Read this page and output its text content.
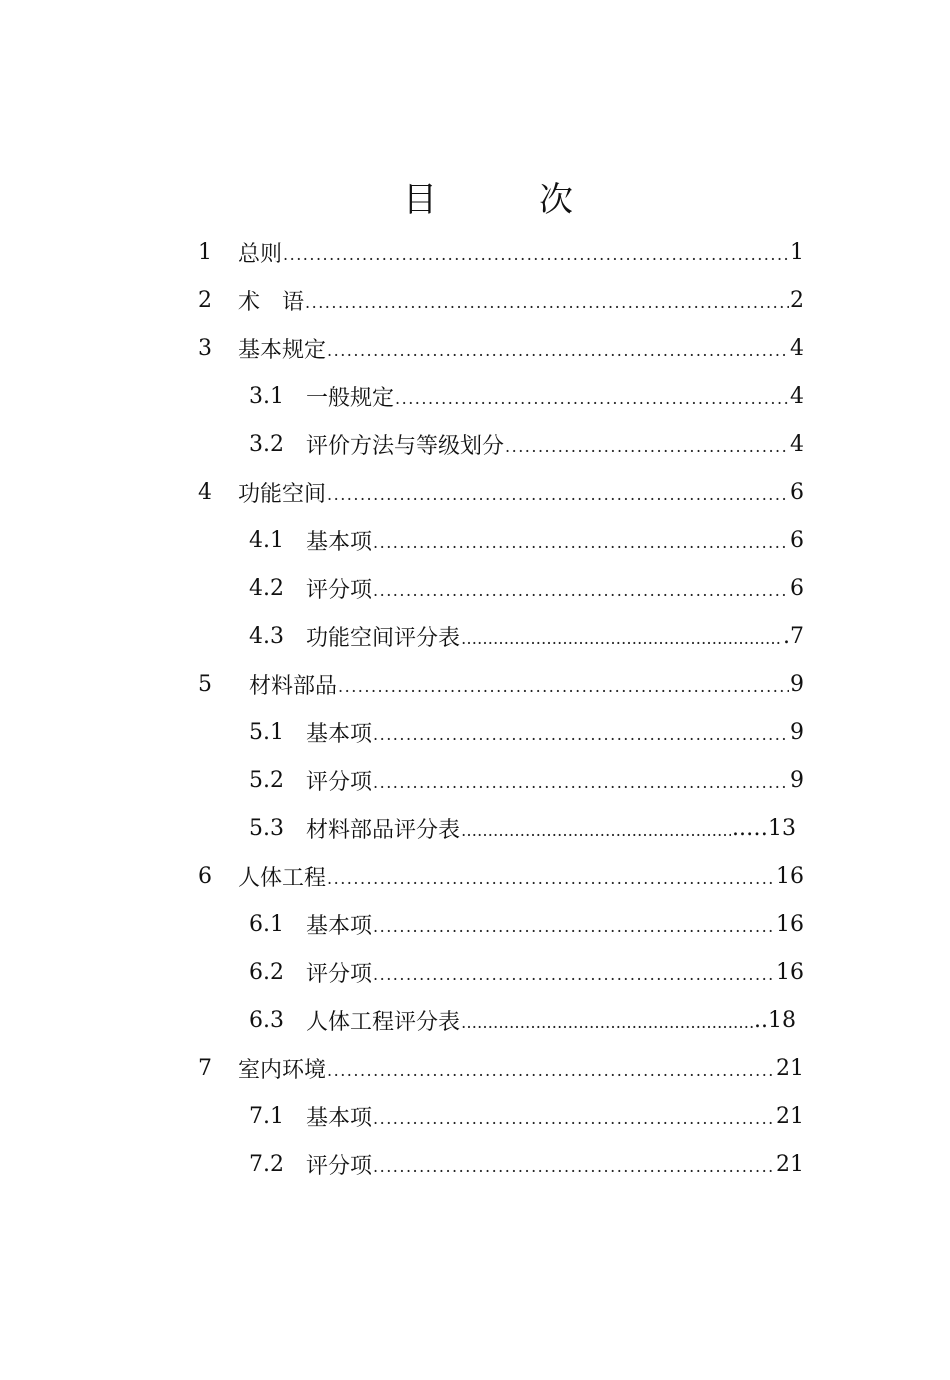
目　次
1	总则 .....	1
2	术　语 .....	2
3	基本规定 .....	4
3.1	一般规定 .....	4
3.2	评价方法与等级划分 .....	4
4	功能空间 .....	6
4.1	基本项 .....	6
4.2	评分项 .....	6
4.3	功能空间评分表 ………………………………………………………………………………………………………………………	.7
5	材料部品 .....	9
5.1	基本项 .....	9
5.2	评分项 .....	9
5.3	材料部品评分表 ………………………………………………………………………………………………………………………	..…13
6	人体工程 .....	16
6.1	基本项 .....	16
6.2	评分项 .....	16
6.3	人体工程评分表 ………………………………………………………………………………………………………………………	..18
7	室内环境 .....	21
7.1	基本项 .....	21
7.2	评分项 .....	21
